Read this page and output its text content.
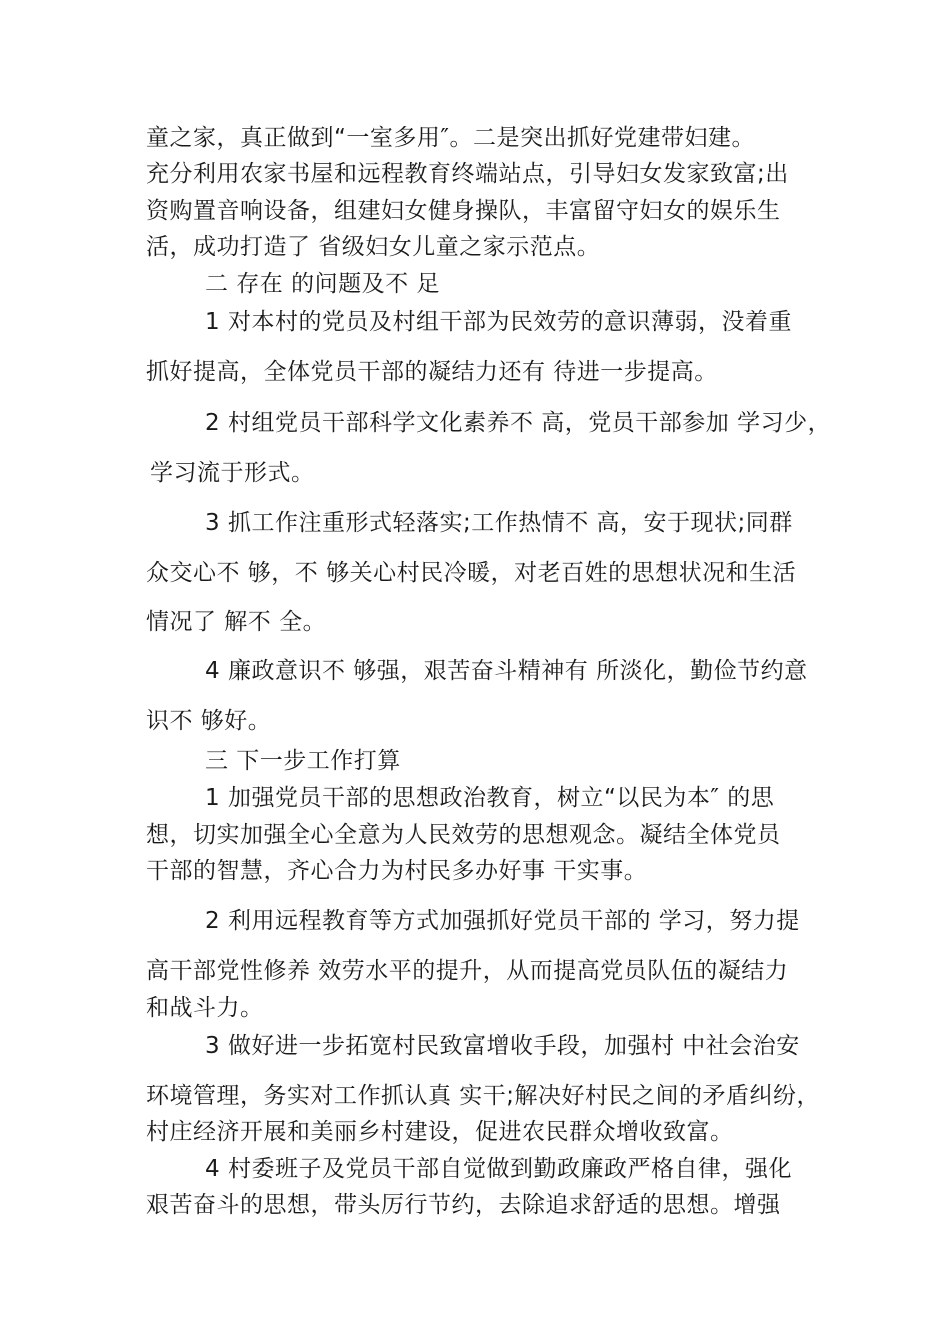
童之家，真正做到“一室多用″。二是突出抓好党建带妇建。
充分利用农家书屋和远程教育终端站点，引导妇女发家致富;出
资购置音响设备，组建妇女健身操队，丰富留守妇女的娱乐生
活，成功打造了 省级妇女儿童之家示范点。
二 存在 的问题及不 足
1 对本村的党员及村组干部为民效劳的意识薄弱，没着重
抓好提高，全体党员干部的凝结力还有 待进一步提高。
2 村组党员干部科学文化素养不 高，党员干部参加 学习少，
学习流于形式。
3 抓工作注重形式轻落实;工作热情不 高，安于现状;同群
众交心不 够，不 够关心村民冷暖，对老百姓的思想状况和生活
情况了 解不 全。
4 廉政意识不 够强，艰苦奋斗精神有 所淡化，勤俭节约意
识不 够好。
三 下一步工作打算
1 加强党员干部的思想政治教育，树立“以民为本″ 的思
想，切实加强全心全意为人民效劳的思想观念。凝结全体党员
干部的智慧，齐心合力为村民多办好事 干实事。
2 利用远程教育等方式加强抓好党员干部的 学习，努力提
高干部党性修养 效劳水平的提升，从而提高党员队伍的凝结力
和战斗力。
3 做好进一步拓宽村民致富增收手段，加强村 中社会治安
环境管理，务实对工作抓认真 实干;解决好村民之间的矛盾纠纷，
村庄经济开展和美丽乡村建设，促进农民群众增收致富。
4 村委班子及党员干部自觉做到勤政廉政严格自律，强化
艰苦奋斗的思想，带头厉行节约，去除追求舒适的思想。增强
